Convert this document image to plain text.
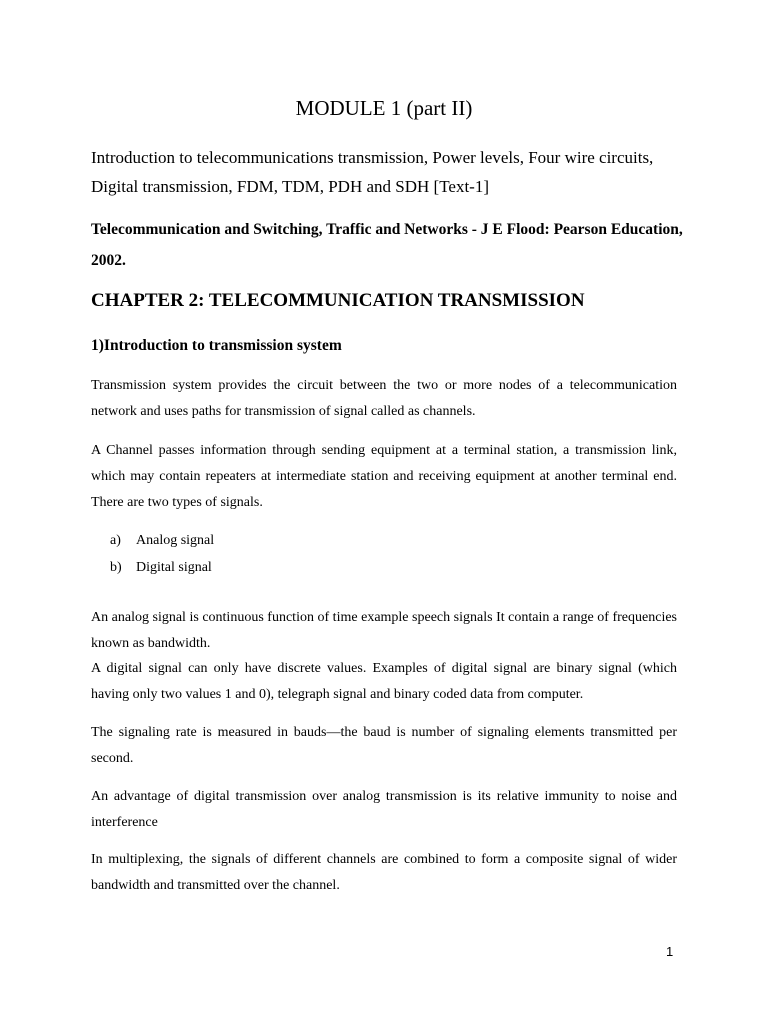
MODULE 1 (part II)
Introduction to telecommunications transmission, Power levels, Four wire circuits, Digital transmission, FDM, TDM, PDH and SDH [Text-1]
Telecommunication and Switching, Traffic and Networks - J E Flood: Pearson Education, 2002.
CHAPTER 2: TELECOMMUNICATION TRANSMISSION
1)Introduction to transmission system
Transmission system provides the circuit between the two or more nodes of a telecommunication network and uses paths for transmission of signal called as channels.
A Channel passes information through sending equipment at a terminal station, a transmission link, which may contain repeaters at intermediate station and receiving equipment at another terminal end. There are two types of signals.
a) Analog signal
b) Digital signal
An analog signal is continuous function of time example speech signals It contain a range of frequencies known as bandwidth.
A digital signal can only have discrete values. Examples of digital signal are binary signal (which having only two values 1 and 0), telegraph signal and binary coded data from computer.
The signaling rate is measured in bauds—the baud is number of signaling elements transmitted per second.
An advantage of digital transmission over analog transmission is its relative immunity to noise and interference
In multiplexing, the signals of different channels are combined to form a composite signal of wider bandwidth and transmitted over the channel.
1
